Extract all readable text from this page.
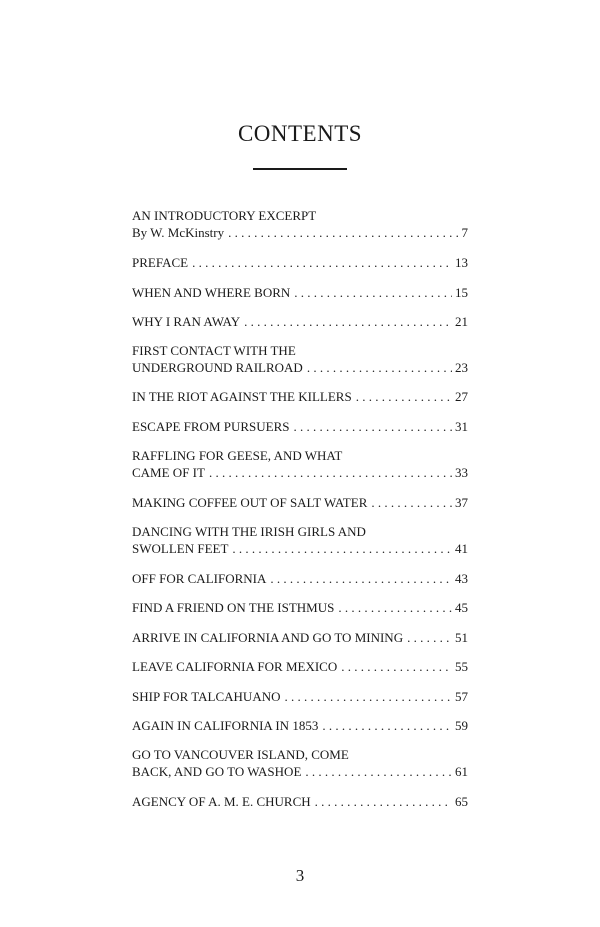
CONTENTS
AN INTRODUCTORY EXCERPT
By W. McKinstry . . .	7
PREFACE . . .	13
WHEN AND WHERE BORN . . .	15
WHY I RAN AWAY . . .	21
FIRST CONTACT WITH THE
UNDERGROUND RAILROAD . . .	23
IN THE RIOT AGAINST THE KILLERS . . .	27
ESCAPE FROM PURSUERS . . .	31
RAFFLING FOR GEESE, AND WHAT
CAME OF IT . . .	33
MAKING COFFEE OUT OF SALT WATER . . .	37
DANCING WITH THE IRISH GIRLS AND
SWOLLEN FEET . . .	41
OFF FOR CALIFORNIA . . .	43
FIND A FRIEND ON THE ISTHMUS . . .	45
ARRIVE IN CALIFORNIA AND GO TO MINING . . .	51
LEAVE CALIFORNIA FOR MEXICO . . .	55
SHIP FOR TALCAHUANO . . .	57
AGAIN IN CALIFORNIA IN 1853 . . .	59
GO TO VANCOUVER ISLAND, COME
BACK, AND GO TO WASHOE . . .	61
AGENCY OF A. M. E. CHURCH . . .	65
3
